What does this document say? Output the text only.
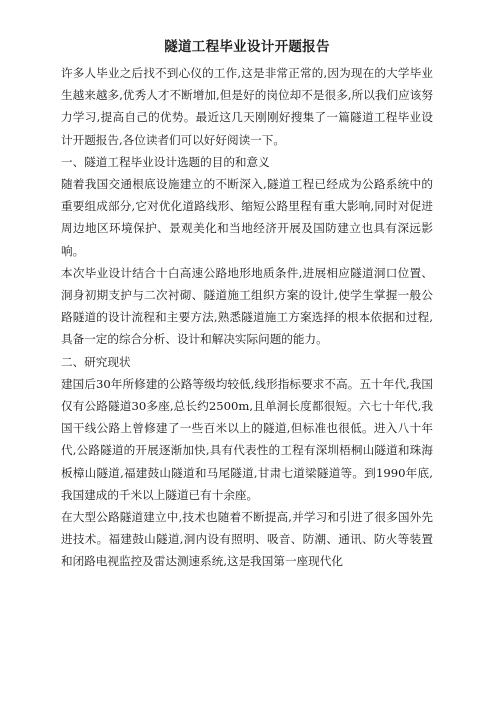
隧道工程毕业设计开题报告

许多人毕业之后找不到心仪的工作,这是非常正常的,因为现在的大学毕业生越来越多,优秀人才不断增加,但是好的岗位却不是很多,所以我们应该努力学习,提高自己的优势。最近这几天刚刚好搜集了一篇隧道工程毕业设计开题报告,各位读者们可以好好阅读一下。

一、隧道工程毕业设计选题的目的和意义

随着我国交通根底设施建立的不断深入,隧道工程已经成为公路系统中的重要组成部分,它对优化道路线形、缩短公路里程有重大影响,同时对促进周边地区环境保护、景观美化和当地经济开展及国防建立也具有深远影响。

本次毕业设计结合十白高速公路地形地质条件,进展相应隧道洞口位置、洞身初期支护与二次衬砌、隧道施工组织方案的设计,使学生掌握一般公路隧道的设计流程和主要方法,熟悉隧道施工方案选择的根本依据和过程,具备一定的综合分析、设计和解决实际问题的能力。

二、研究现状

建国后30年所修建的公路等级均较低,线形指标要求不高。五十年代,我国仅有公路隧道30多座,总长约2500m,且单洞长度都很短。六七十年代,我国干线公路上曾修建了一些百米以上的隧道,但标准也很低。进入八十年代,公路隧道的开展逐渐加快,具有代表性的工程有深圳梧桐山隧道和珠海板樟山隧道,福建鼓山隧道和马尾隧道,甘肃七道梁隧道等。到1990年底,我国建成的千米以上隧道已有十余座。

在大型公路隧道建立中,技术也随着不断提高,并学习和引进了很多国外先进技术。福建鼓山隧道,洞内设有照明、吸音、防潮、通讯、防火等装置和闭路电视监控及雷达测速系统,这是我国第一座现代化
